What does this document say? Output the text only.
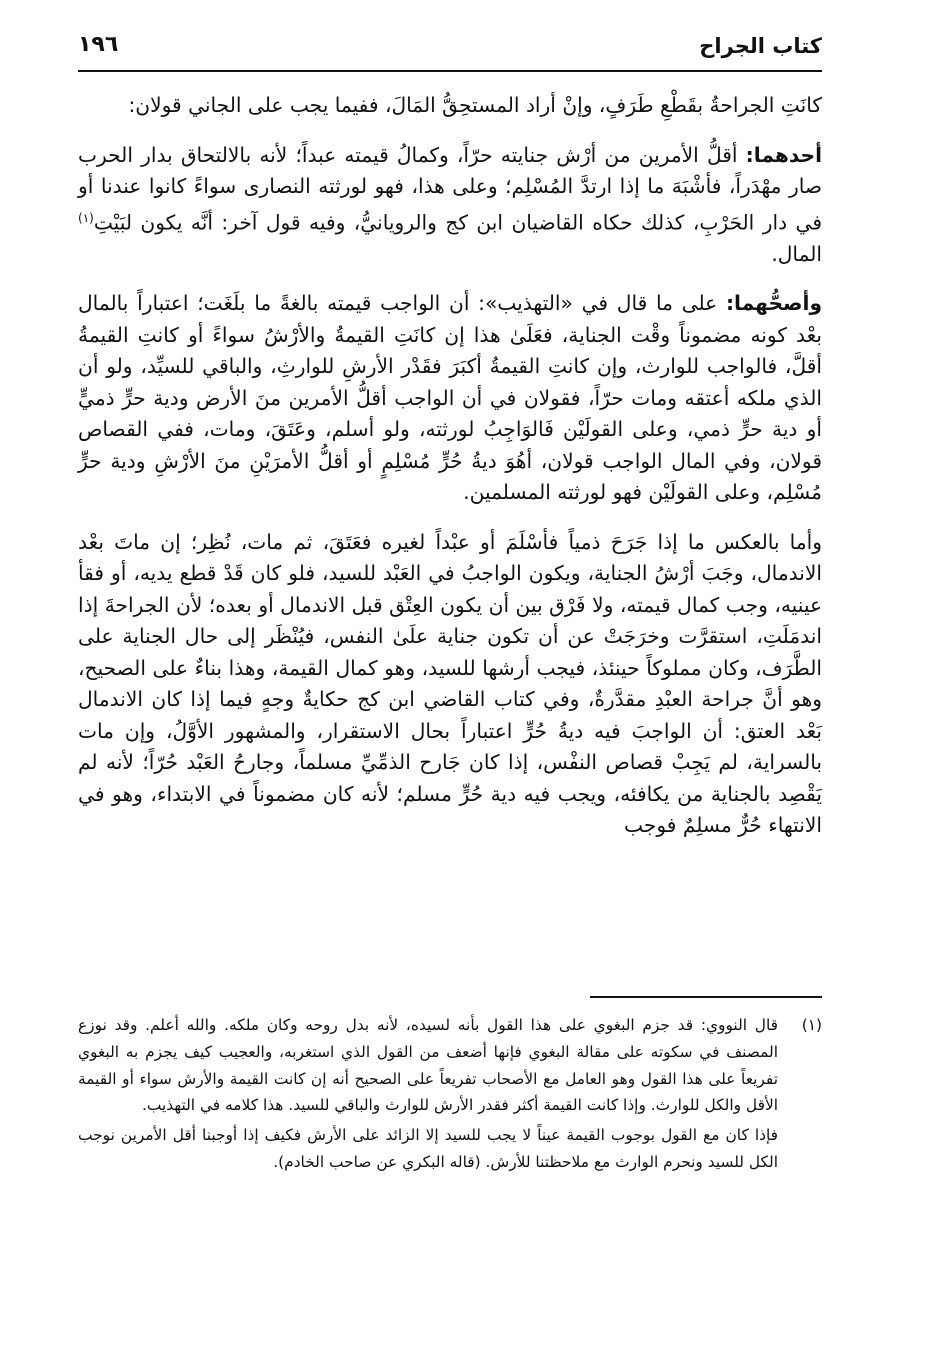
١٩٦	كتاب الجراح

كانَتِ الجراحةُ بقَطْعِ طَرَفٍ، وإنْ أراد المستحِقُّ المَالَ، ففيما يجب على الجاني قولان:

أحدهما: أقلُّ الأمرين من أرْش جنايته حرّاً، وكمالُ قيمته عبداً؛ لأنه بالالتحاق بدار الحرب صار مهْدَراً، فأشْبَهَ ما إذا ارتدَّ المُسْلِم؛ وعلى هذا، فهو لورثته النصارى سواءً كانوا عندنا أو في دار الحَرْبِ، كذلك حكاه القاضيان ابن كج والرويانيُّ، وفيه قول آخر: أنَّه يكون لبَيْتِ$^{(١)}$ المال.

وأصحُّهما: على ما قال في «التهذيب»: أن الواجب قيمته بالغةً ما بلَغَت؛ اعتباراً بالمال بعْد كونه مضموناً وقْت الجناية، فعَلَىٰ هذا إن كانَتِ القيمةُ والأرْشُ سواءً أو كانتِ القيمةُ أقلَّ، فالواجب للوارث، وإن كانتِ القيمةُ أكبَرَ فقَدْر الأرشِ للوارثِ، والباقي للسيِّد، ولو أن الذي ملكه أعتقه ومات حرّاً، فقولان في أن الواجب أقلُّ الأمرين منَ الأرض ودية حرٍّ ذميٍّ أو دية حرٍّ ذمي، وعلى القولَيْن فَالوَاجِبُ لورثته، ولو أسلم، وعَتَقَ، ومات، ففي القصاص قولان، وفي المال الواجب قولان، أهُوَ ديةُ حُرٍّ مُسْلِمٍ أو أقلُّ الأمرَيْنِ منَ الأرْشِ ودية حرٍّ مُسْلِم، وعلى القولَيْن فهو لورثته المسلمين.

وأما بالعكس ما إذا جَرَحَ ذمياً فأسْلَمَ أو عبْداً لغيره فعَتَقَ، ثم مات، نُظِر؛ إن ماتَ بعْد الاندمال، وجَبَ أرْشُ الجناية، ويكون الواجبُ في العَبْد للسيد، فلو كان قَدْ قطع يديه، أو فقأ عينيه، وجب كمال قيمته، ولا فَرْق بين أن يكون العِتْق قبل الاندمال أو بعده؛ لأن الجراحةَ إذا اندمَلَتِ، استقرَّت وخرَجَتْ عن أن تكون جناية علَىٰ النفس، فيُنْظَر إلى حال الجناية على الطَّرَف، وكان مملوكاً حينئذ، فيجب أرشها للسيد، وهو كمال القيمة، وهذا بناءٌ على الصحيح، وهو أنَّ جراحة العبْدِ مقدَّرةٌ، وفي كتاب القاضي ابن كج حكايةٌ وجهٍ فيما إذا كان الاندمال بَعْد العتق: أن الواجبَ فيه ديةُ حُرٍّ اعتباراً بحال الاستقرار، والمشهور الأوَّلُ، وإن مات بالسراية، لم يَجِبْ قصاص النفْس، إذا كان جَارح الذمِّيِّ مسلماً، وجارحُ العَبْد حُرّاً؛ لأنه لم يَقْصِد بالجناية من يكافئه، ويجب فيه دية حُرٍّ مسلم؛ لأنه كان مضموناً في الابتداء، وهو في الانتهاء حُرٌّ مسلِمٌ فوجب

(١)

قال النووي: قد جزم البغوي على هذا القول بأنه لسيده، لأنه بدل روحه وكان ملكه. والله أعلم. وقد نوزع المصنف في سكوته على مقالة البغوي فإنها أضعف من القول الذي استغربه، والعجيب كيف يجزم به البغوي تفريعاً على هذا القول وهو العامل مع الأصحاب تفريعاً على الصحيح أنه إن كانت القيمة والأرش سواء أو القيمة الأقل والكل للوارث. وإذا كانت القيمة أكثر فقدر الأرش للوارث والباقي للسيد. هذا كلامه في التهذيب.

فإذا كان مع القول بوجوب القيمة عيناً لا يجب للسيد إلا الزائد على الأرش فكيف إذا أوجبنا أقل الأمرين نوجب الكل للسيد ونحرم الوارث مع ملاحظتنا للأرش. (قاله البكري عن صاحب الخادم).
